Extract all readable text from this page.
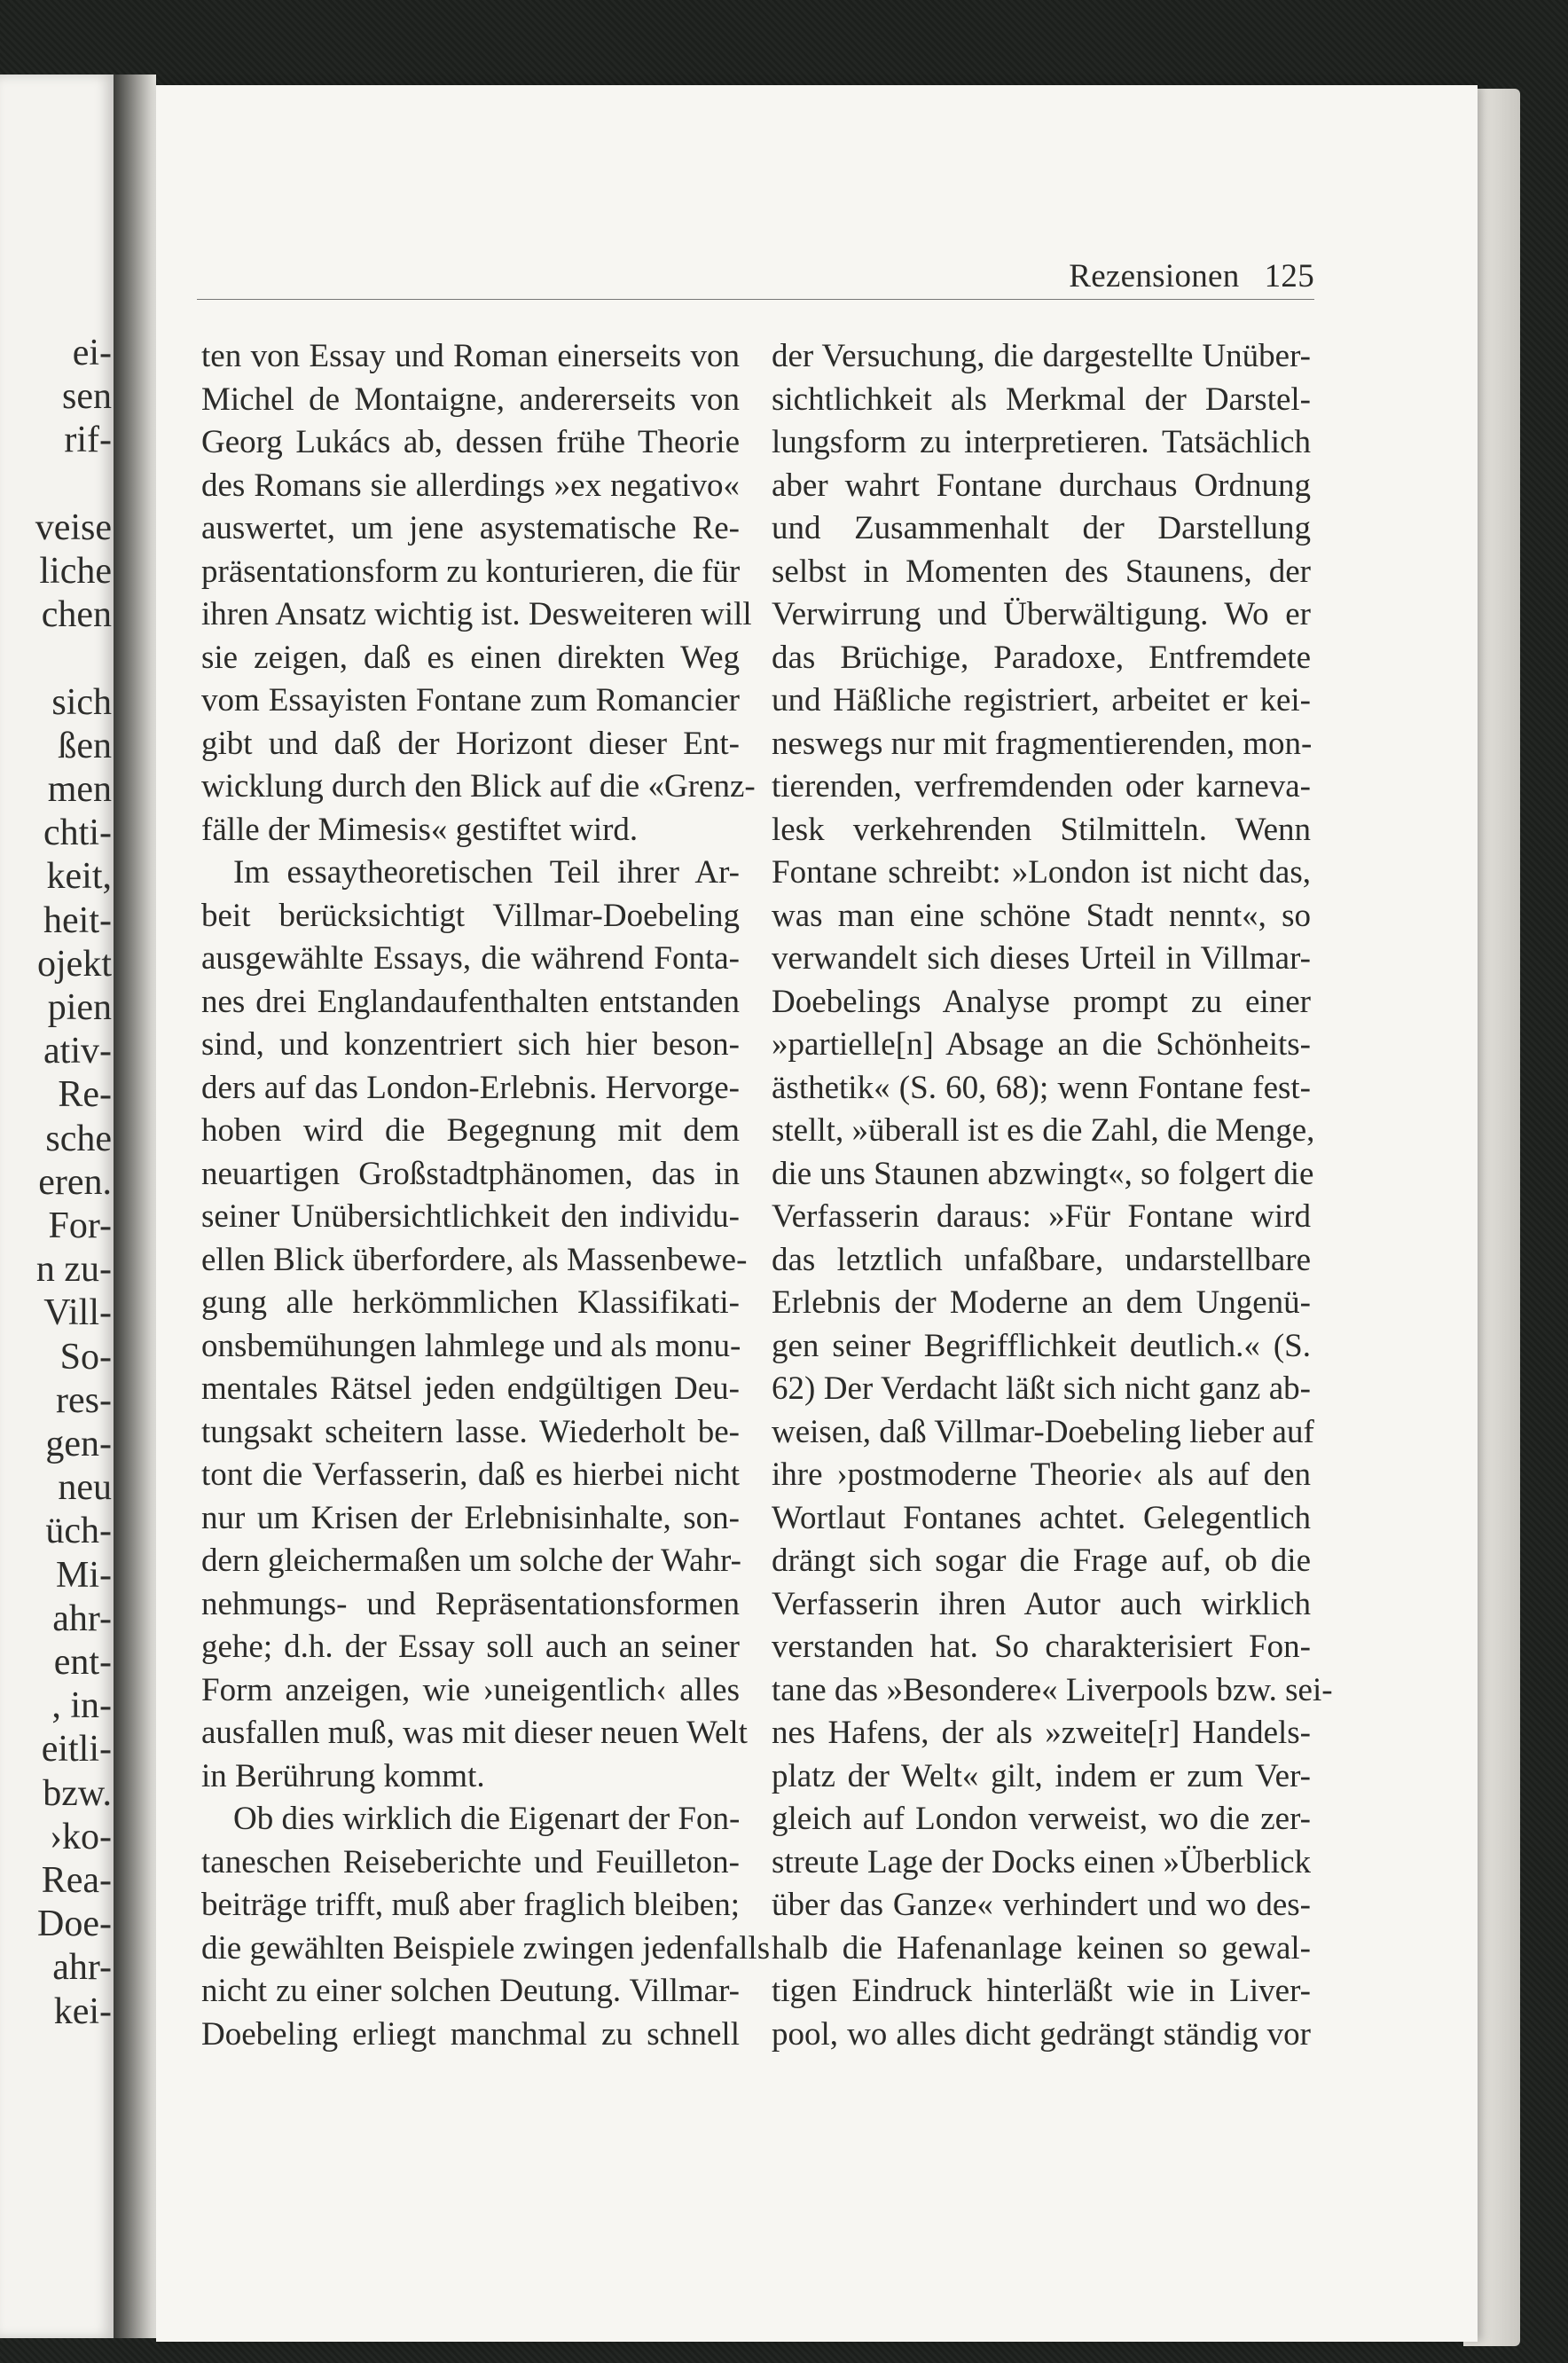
ei-
sen
rif-
veise
liche
chen
sich
ßen
men
chti-
keit,
heit-
ojekt
pien
ativ-
Re-
sche
eren.
For-
n zu-
Vill-
So-
res-
gen-
neu
üch-
Mi-
ahr-
ent-
, in-
eitli-
bzw.
›ko-
Rea-
Doe-
ahr-
kei-
Rezensionen 125
ten von Essay und Roman einerseits von
Michel de Montaigne, andererseits von
Georg Lukács ab, dessen frühe Theorie
des Romans sie allerdings »ex negativo«
auswertet, um jene asystematische Re-
präsentationsform zu konturieren, die für
ihren Ansatz wichtig ist. Desweiteren will
sie zeigen, daß es einen direkten Weg
vom Essayisten Fontane zum Romancier
gibt und daß der Horizont dieser Ent-
wicklung durch den Blick auf die «Grenz-
fälle der Mimesis« gestiftet wird.
Im essaytheoretischen Teil ihrer Ar-
beit berücksichtigt Villmar-Doebeling
ausgewählte Essays, die während Fonta-
nes drei Englandaufenthalten entstanden
sind, und konzentriert sich hier beson-
ders auf das London-Erlebnis. Hervorge-
hoben wird die Begegnung mit dem
neuartigen Großstadtphänomen, das in
seiner Unübersichtlichkeit den individu-
ellen Blick überfordere, als Massenbewe-
gung alle herkömmlichen Klassifikati-
onsbemühungen lahmlege und als monu-
mentales Rätsel jeden endgültigen Deu-
tungsakt scheitern lasse. Wiederholt be-
tont die Verfasserin, daß es hierbei nicht
nur um Krisen der Erlebnisinhalte, son-
dern gleichermaßen um solche der Wahr-
nehmungs- und Repräsentationsformen
gehe; d.h. der Essay soll auch an seiner
Form anzeigen, wie ›uneigentlich‹ alles
ausfallen muß, was mit dieser neuen Welt
in Berührung kommt.
Ob dies wirklich die Eigenart der Fon-
taneschen Reiseberichte und Feuilleton-
beiträge trifft, muß aber fraglich bleiben;
die gewählten Beispiele zwingen jedenfalls
nicht zu einer solchen Deutung. Villmar-
Doebeling erliegt manchmal zu schnell
der Versuchung, die dargestellte Unüber-
sichtlichkeit als Merkmal der Darstel-
lungsform zu interpretieren. Tatsächlich
aber wahrt Fontane durchaus Ordnung
und Zusammenhalt der Darstellung
selbst in Momenten des Staunens, der
Verwirrung und Überwältigung. Wo er
das Brüchige, Paradoxe, Entfremdete
und Häßliche registriert, arbeitet er kei-
neswegs nur mit fragmentierenden, mon-
tierenden, verfremdenden oder karneva-
lesk verkehrenden Stilmitteln. Wenn
Fontane schreibt: »London ist nicht das,
was man eine schöne Stadt nennt«, so
verwandelt sich dieses Urteil in Villmar-
Doebelings Analyse prompt zu einer
»partielle[n] Absage an die Schönheits-
ästhetik« (S. 60, 68); wenn Fontane fest-
stellt, »überall ist es die Zahl, die Menge,
die uns Staunen abzwingt«, so folgert die
Verfasserin daraus: »Für Fontane wird
das letztlich unfaßbare, undarstellbare
Erlebnis der Moderne an dem Ungenü-
gen seiner Begrifflichkeit deutlich.« (S.
62) Der Verdacht läßt sich nicht ganz ab-
weisen, daß Villmar-Doebeling lieber auf
ihre ›postmoderne Theorie‹ als auf den
Wortlaut Fontanes achtet. Gelegentlich
drängt sich sogar die Frage auf, ob die
Verfasserin ihren Autor auch wirklich
verstanden hat. So charakterisiert Fon-
tane das »Besondere« Liverpools bzw. sei-
nes Hafens, der als »zweite[r] Handels-
platz der Welt« gilt, indem er zum Ver-
gleich auf London verweist, wo die zer-
streute Lage der Docks einen »Überblick
über das Ganze« verhindert und wo des-
halb die Hafenanlage keinen so gewal-
tigen Eindruck hinterläßt wie in Liver-
pool, wo alles dicht gedrängt ständig vor
